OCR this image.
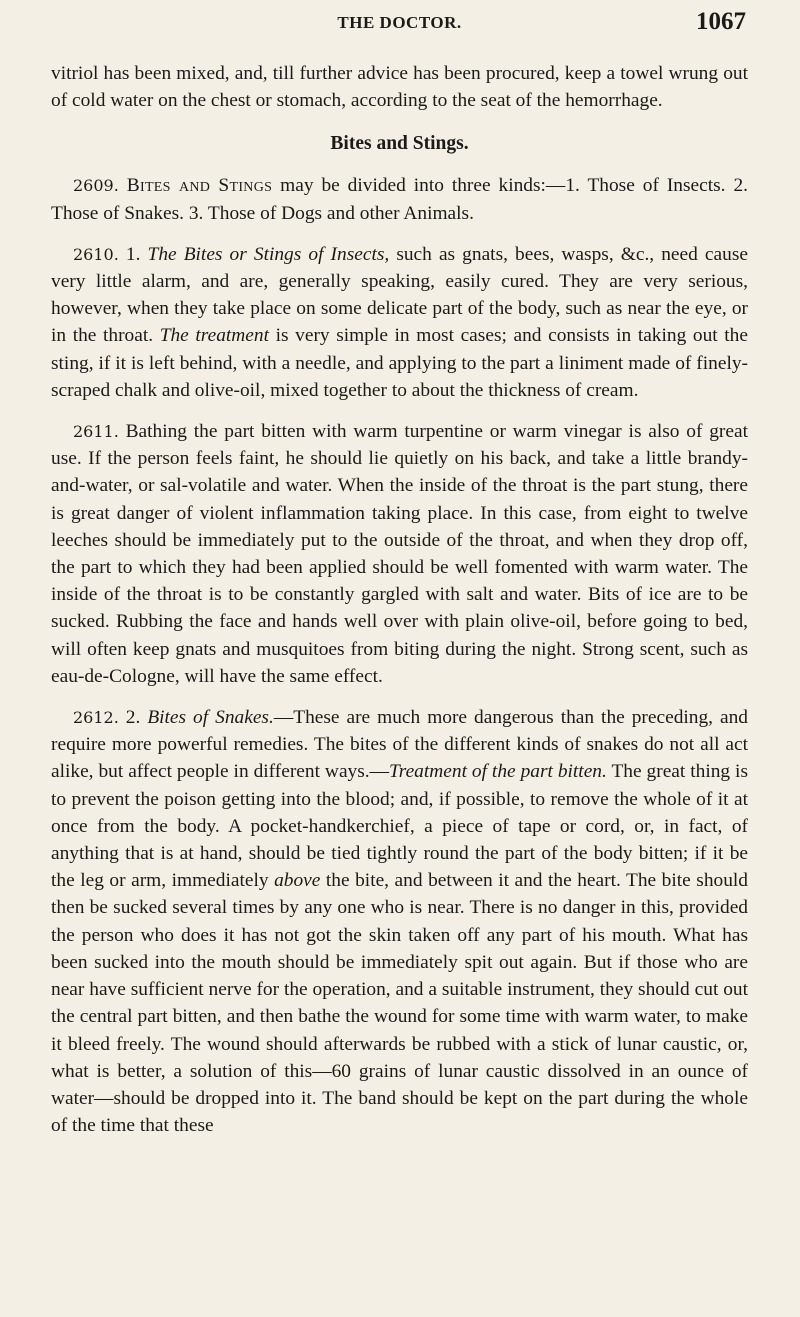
THE DOCTOR.	1067

vitriol has been mixed, and, till further advice has been procured, keep a towel wrung out of cold water on the chest or stomach, according to the seat of the hemorrhage.

Bites and Stings.

2609. Bites and Stings may be divided into three kinds:—1. Those of Insects. 2. Those of Snakes. 3. Those of Dogs and other Animals.

2610. 1. The Bites or Stings of Insects, such as gnats, bees, wasps, &c., need cause very little alarm, and are, generally speaking, easily cured. They are very serious, however, when they take place on some delicate part of the body, such as near the eye, or in the throat. The treatment is very simple in most cases; and consists in taking out the sting, if it is left behind, with a needle, and applying to the part a liniment made of finely-scraped chalk and olive-oil, mixed together to about the thickness of cream.

2611. Bathing the part bitten with warm turpentine or warm vinegar is also of great use. If the person feels faint, he should lie quietly on his back, and take a little brandy-and-water, or sal-volatile and water. When the inside of the throat is the part stung, there is great danger of violent inflammation taking place. In this case, from eight to twelve leeches should be immediately put to the outside of the throat, and when they drop off, the part to which they had been applied should be well fomented with warm water. The inside of the throat is to be constantly gargled with salt and water. Bits of ice are to be sucked. Rubbing the face and hands well over with plain olive-oil, before going to bed, will often keep gnats and musquitoes from biting during the night. Strong scent, such as eau-de-Cologne, will have the same effect.

2612. 2. Bites of Snakes.—These are much more dangerous than the preceding, and require more powerful remedies. The bites of the different kinds of snakes do not all act alike, but affect people in different ways.—Treatment of the part bitten. The great thing is to prevent the poison getting into the blood; and, if possible, to remove the whole of it at once from the body. A pocket-handkerchief, a piece of tape or cord, or, in fact, of anything that is at hand, should be tied tightly round the part of the body bitten; if it be the leg or arm, immediately above the bite, and between it and the heart. The bite should then be sucked several times by any one who is near. There is no danger in this, provided the person who does it has not got the skin taken off any part of his mouth. What has been sucked into the mouth should be immediately spit out again. But if those who are near have sufficient nerve for the operation, and a suitable instrument, they should cut out the central part bitten, and then bathe the wound for some time with warm water, to make it bleed freely. The wound should afterwards be rubbed with a stick of lunar caustic, or, what is better, a solution of this—60 grains of lunar caustic dissolved in an ounce of water—should be dropped into it. The band should be kept on the part during the whole of the time that these
